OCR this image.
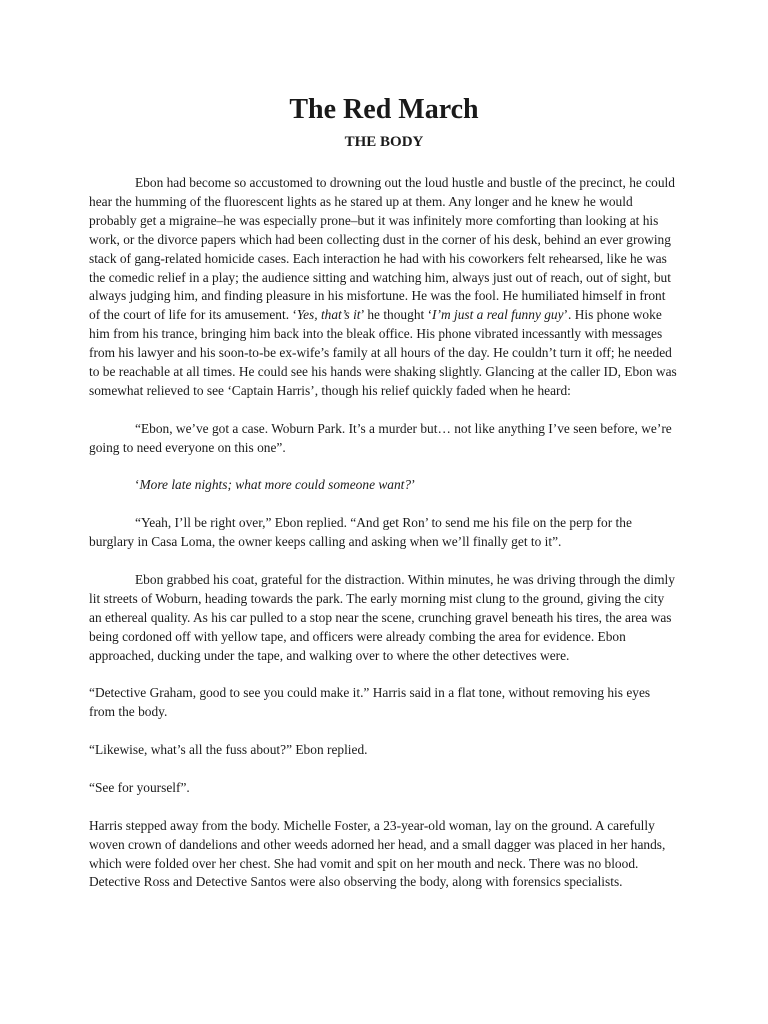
The Red March
THE BODY

Ebon had become so accustomed to drowning out the loud hustle and bustle of the precinct, he could hear the humming of the fluorescent lights as he stared up at them. Any longer and he knew he would probably get a migraine–he was especially prone–but it was infinitely more comforting than looking at his work, or the divorce papers which had been collecting dust in the corner of his desk, behind an ever growing stack of gang-related homicide cases. Each interaction he had with his coworkers felt rehearsed, like he was the comedic relief in a play; the audience sitting and watching him, always just out of reach, out of sight, but always judging him, and finding pleasure in his misfortune. He was the fool. He humiliated himself in front of the court of life for its amusement. ‘Yes, that’s it’ he thought ‘I’m just a real funny guy’. His phone woke him from his trance, bringing him back into the bleak office. His phone vibrated incessantly with messages from his lawyer and his soon-to-be ex-wife’s family at all hours of the day. He couldn’t turn it off; he needed to be reachable at all times. He could see his hands were shaking slightly. Glancing at the caller ID, Ebon was somewhat relieved to see ‘Captain Harris’, though his relief quickly faded when he heard:

“Ebon, we’ve got a case. Woburn Park. It’s a murder but… not like anything I’ve seen before, we’re going to need everyone on this one”.

‘More late nights; what more could someone want?’

“Yeah, I’ll be right over,” Ebon replied. “And get Ron’ to send me his file on the perp for the burglary in Casa Loma, the owner keeps calling and asking when we’ll finally get to it”.

Ebon grabbed his coat, grateful for the distraction. Within minutes, he was driving through the dimly lit streets of Woburn, heading towards the park. The early morning mist clung to the ground, giving the city an ethereal quality. As his car pulled to a stop near the scene, crunching gravel beneath his tires, the area was being cordoned off with yellow tape, and officers were already combing the area for evidence. Ebon approached, ducking under the tape, and walking over to where the other detectives were.

“Detective Graham, good to see you could make it.” Harris said in a flat tone, without removing his eyes from the body.

“Likewise, what’s all the fuss about?” Ebon replied.

“See for yourself”.

Harris stepped away from the body. Michelle Foster, a 23-year-old woman, lay on the ground. A carefully woven crown of dandelions and other weeds adorned her head, and a small dagger was placed in her hands, which were folded over her chest. She had vomit and spit on her mouth and neck. There was no blood. Detective Ross and Detective Santos were also observing the body, along with forensics specialists.
